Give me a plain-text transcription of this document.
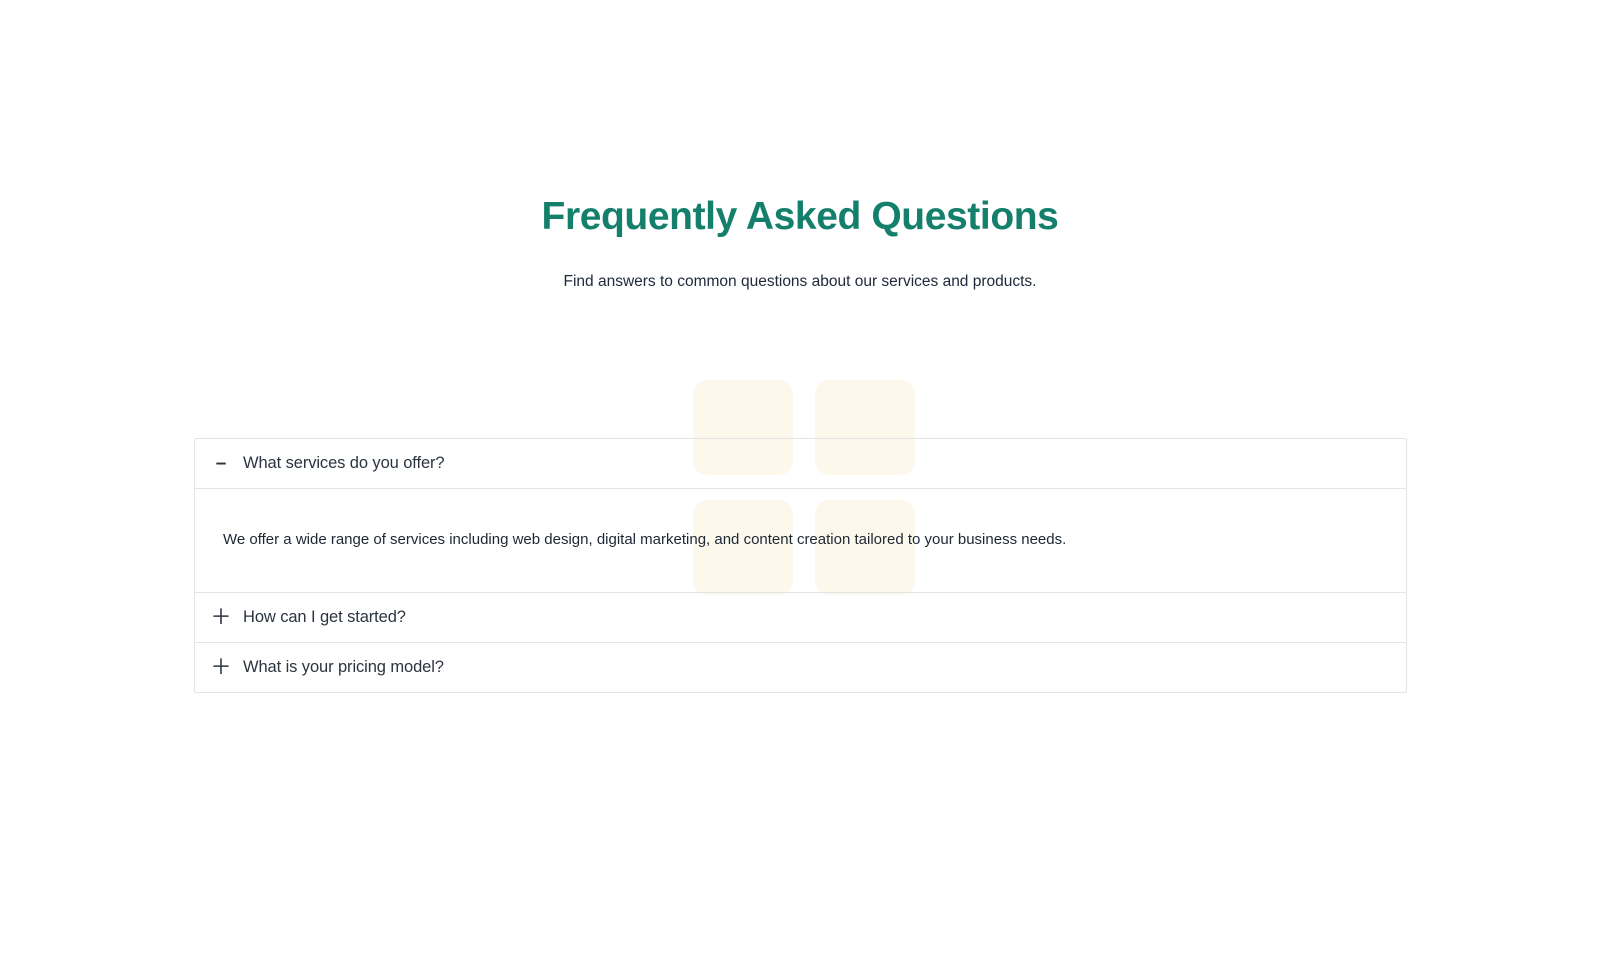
Frequently Asked Questions

Find answers to common questions about our services and products.

– What services do you offer?
We offer a wide range of services including web design, digital marketing, and content creation tailored to your business needs.
＋ How can I get started?
＋ What is your pricing model?
